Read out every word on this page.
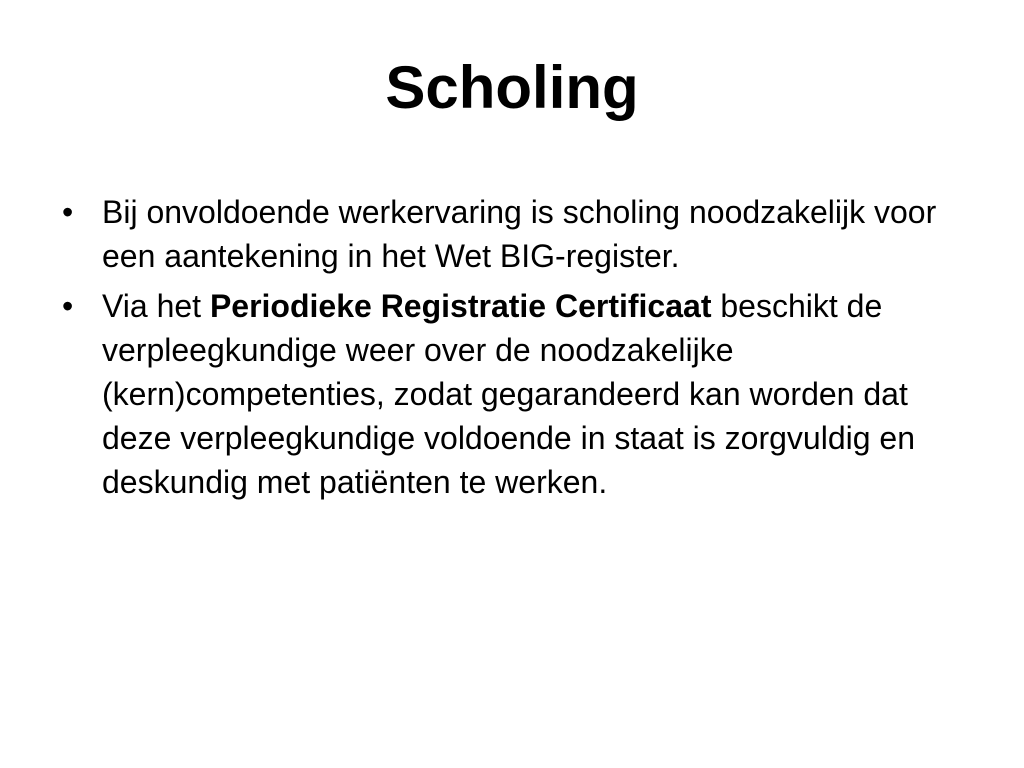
Scholing
• Bij onvoldoende werkervaring is scholing noodzakelijk voor een aantekening in het Wet BIG-register.
• Via het Periodieke Registratie Certificaat beschikt de verpleegkundige weer over de noodzakelijke (kern)competenties, zodat gegarandeerd kan worden dat deze verpleegkundige voldoende in staat is zorgvuldig en deskundig met patiënten te werken.
